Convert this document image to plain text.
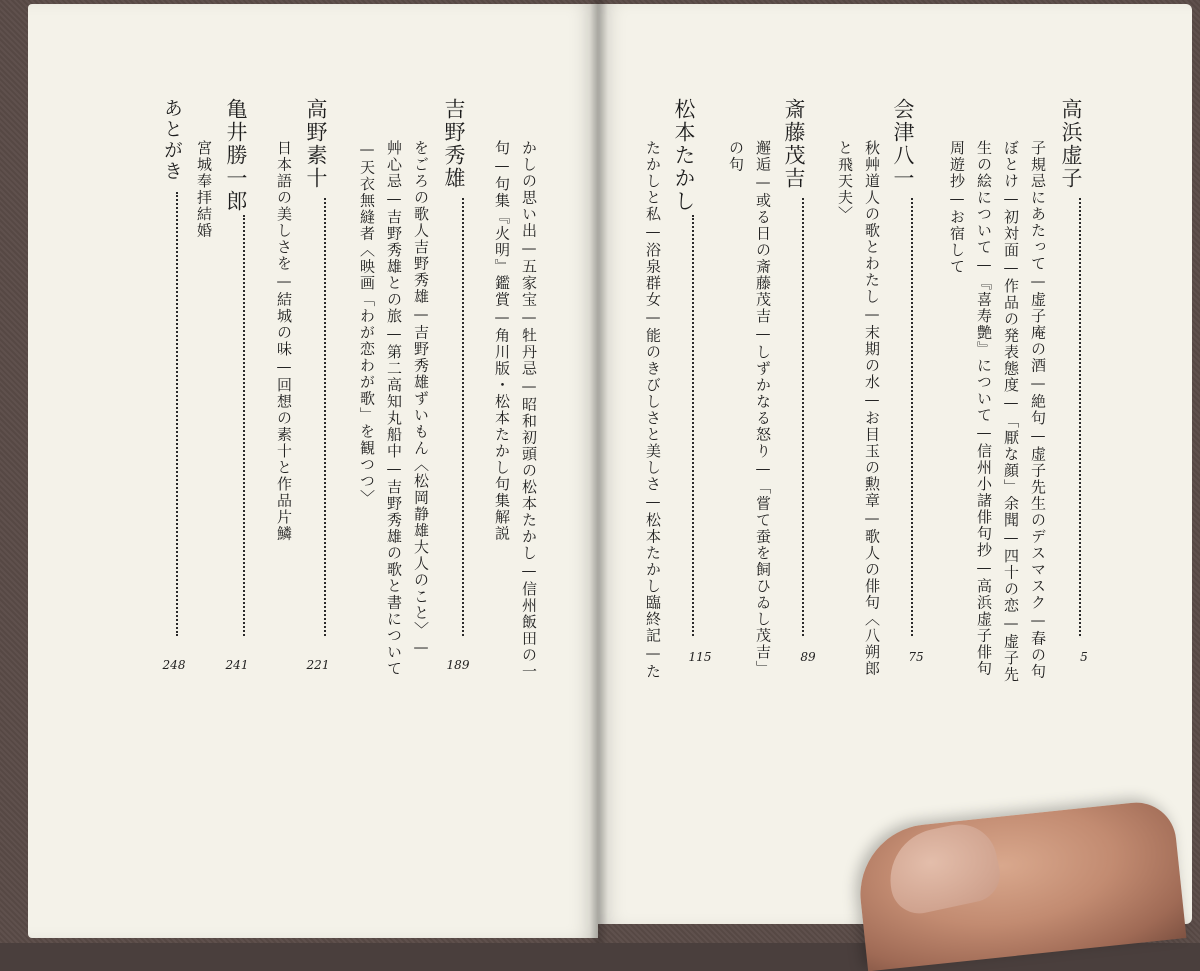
高浜虚子
子規忌にあたって—虚子庵の酒—絶句—虚子先生のデスマスク—春の句
ぼとけ—初対面—作品の発表態度—「厭な顔」余聞—四十の恋—虚子先
生の絵について—『喜寿艶』について—信州小諸俳句抄—高浜虚子俳句
周遊抄—お宿して
5
会津八一
秋艸道人の歌とわたし—末期の水—お目玉の勲章—歌人の俳句〈八朔郎
と飛天夫〉
75
斎藤茂吉
邂逅—或る日の斎藤茂吉—しずかなる怒り—「嘗て蚕を飼ひゐし茂吉」
の句
89
松本たかし
たかしと私—浴泉群女—能のきびしさと美しさ—松本たかし臨終記—た 115
かしの思い出—五家宝—牡丹忌—昭和初頭の松本たかし—信州飯田の一
句—句集『火明』鑑賞—角川版・松本たかし句集解説
吉野秀雄
をごろの歌人吉野秀雄—吉野秀雄ずいもん〈松岡静雄大人のこと〉—
艸心忌—吉野秀雄との旅—第二高知丸船中—吉野秀雄の歌と書について
—天衣無縫者〈映画「わが恋わが歌」を観つつ〉
189
高野素十
日本語の美しさを—結城の味—回想の素十と作品片鱗
221
亀井勝一郎
宮城奉拝結婚
241
あとがき
248
